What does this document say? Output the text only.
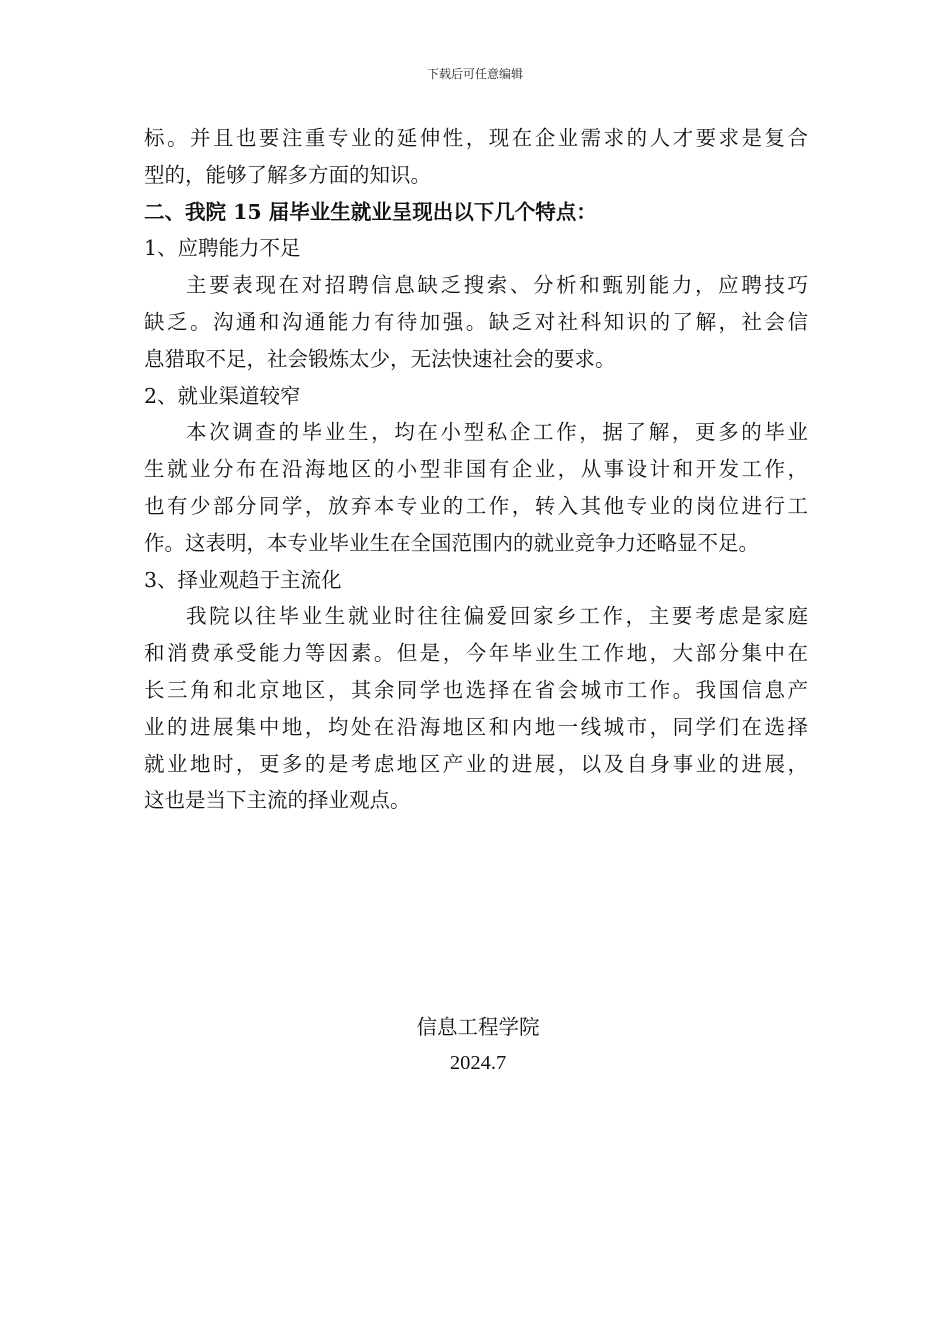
下载后可任意编辑
标。并且也要注重专业的延伸性，现在企业需求的人才要求是复合
型的，能够了解多方面的知识。
二、我院 15 届毕业生就业呈现出以下几个特点：
1、应聘能力不足
主要表现在对招聘信息缺乏搜索、分析和甄别能力，应聘技巧
缺乏。沟通和沟通能力有待加强。缺乏对社科知识的了解，社会信
息猎取不足，社会锻炼太少，无法快速社会的要求。
2、就业渠道较窄
本次调查的毕业生，均在小型私企工作，据了解，更多的毕业
生就业分布在沿海地区的小型非国有企业，从事设计和开发工作，
也有少部分同学，放弃本专业的工作，转入其他专业的岗位进行工
作。这表明，本专业毕业生在全国范围内的就业竞争力还略显不足。
3、择业观趋于主流化
我院以往毕业生就业时往往偏爱回家乡工作，主要考虑是家庭
和消费承受能力等因素。但是，今年毕业生工作地，大部分集中在
长三角和北京地区，其余同学也选择在省会城市工作。我国信息产
业的进展集中地，均处在沿海地区和内地一线城市，同学们在选择
就业地时，更多的是考虑地区产业的进展，以及自身事业的进展，
这也是当下主流的择业观点。
信息工程学院
2024.7
